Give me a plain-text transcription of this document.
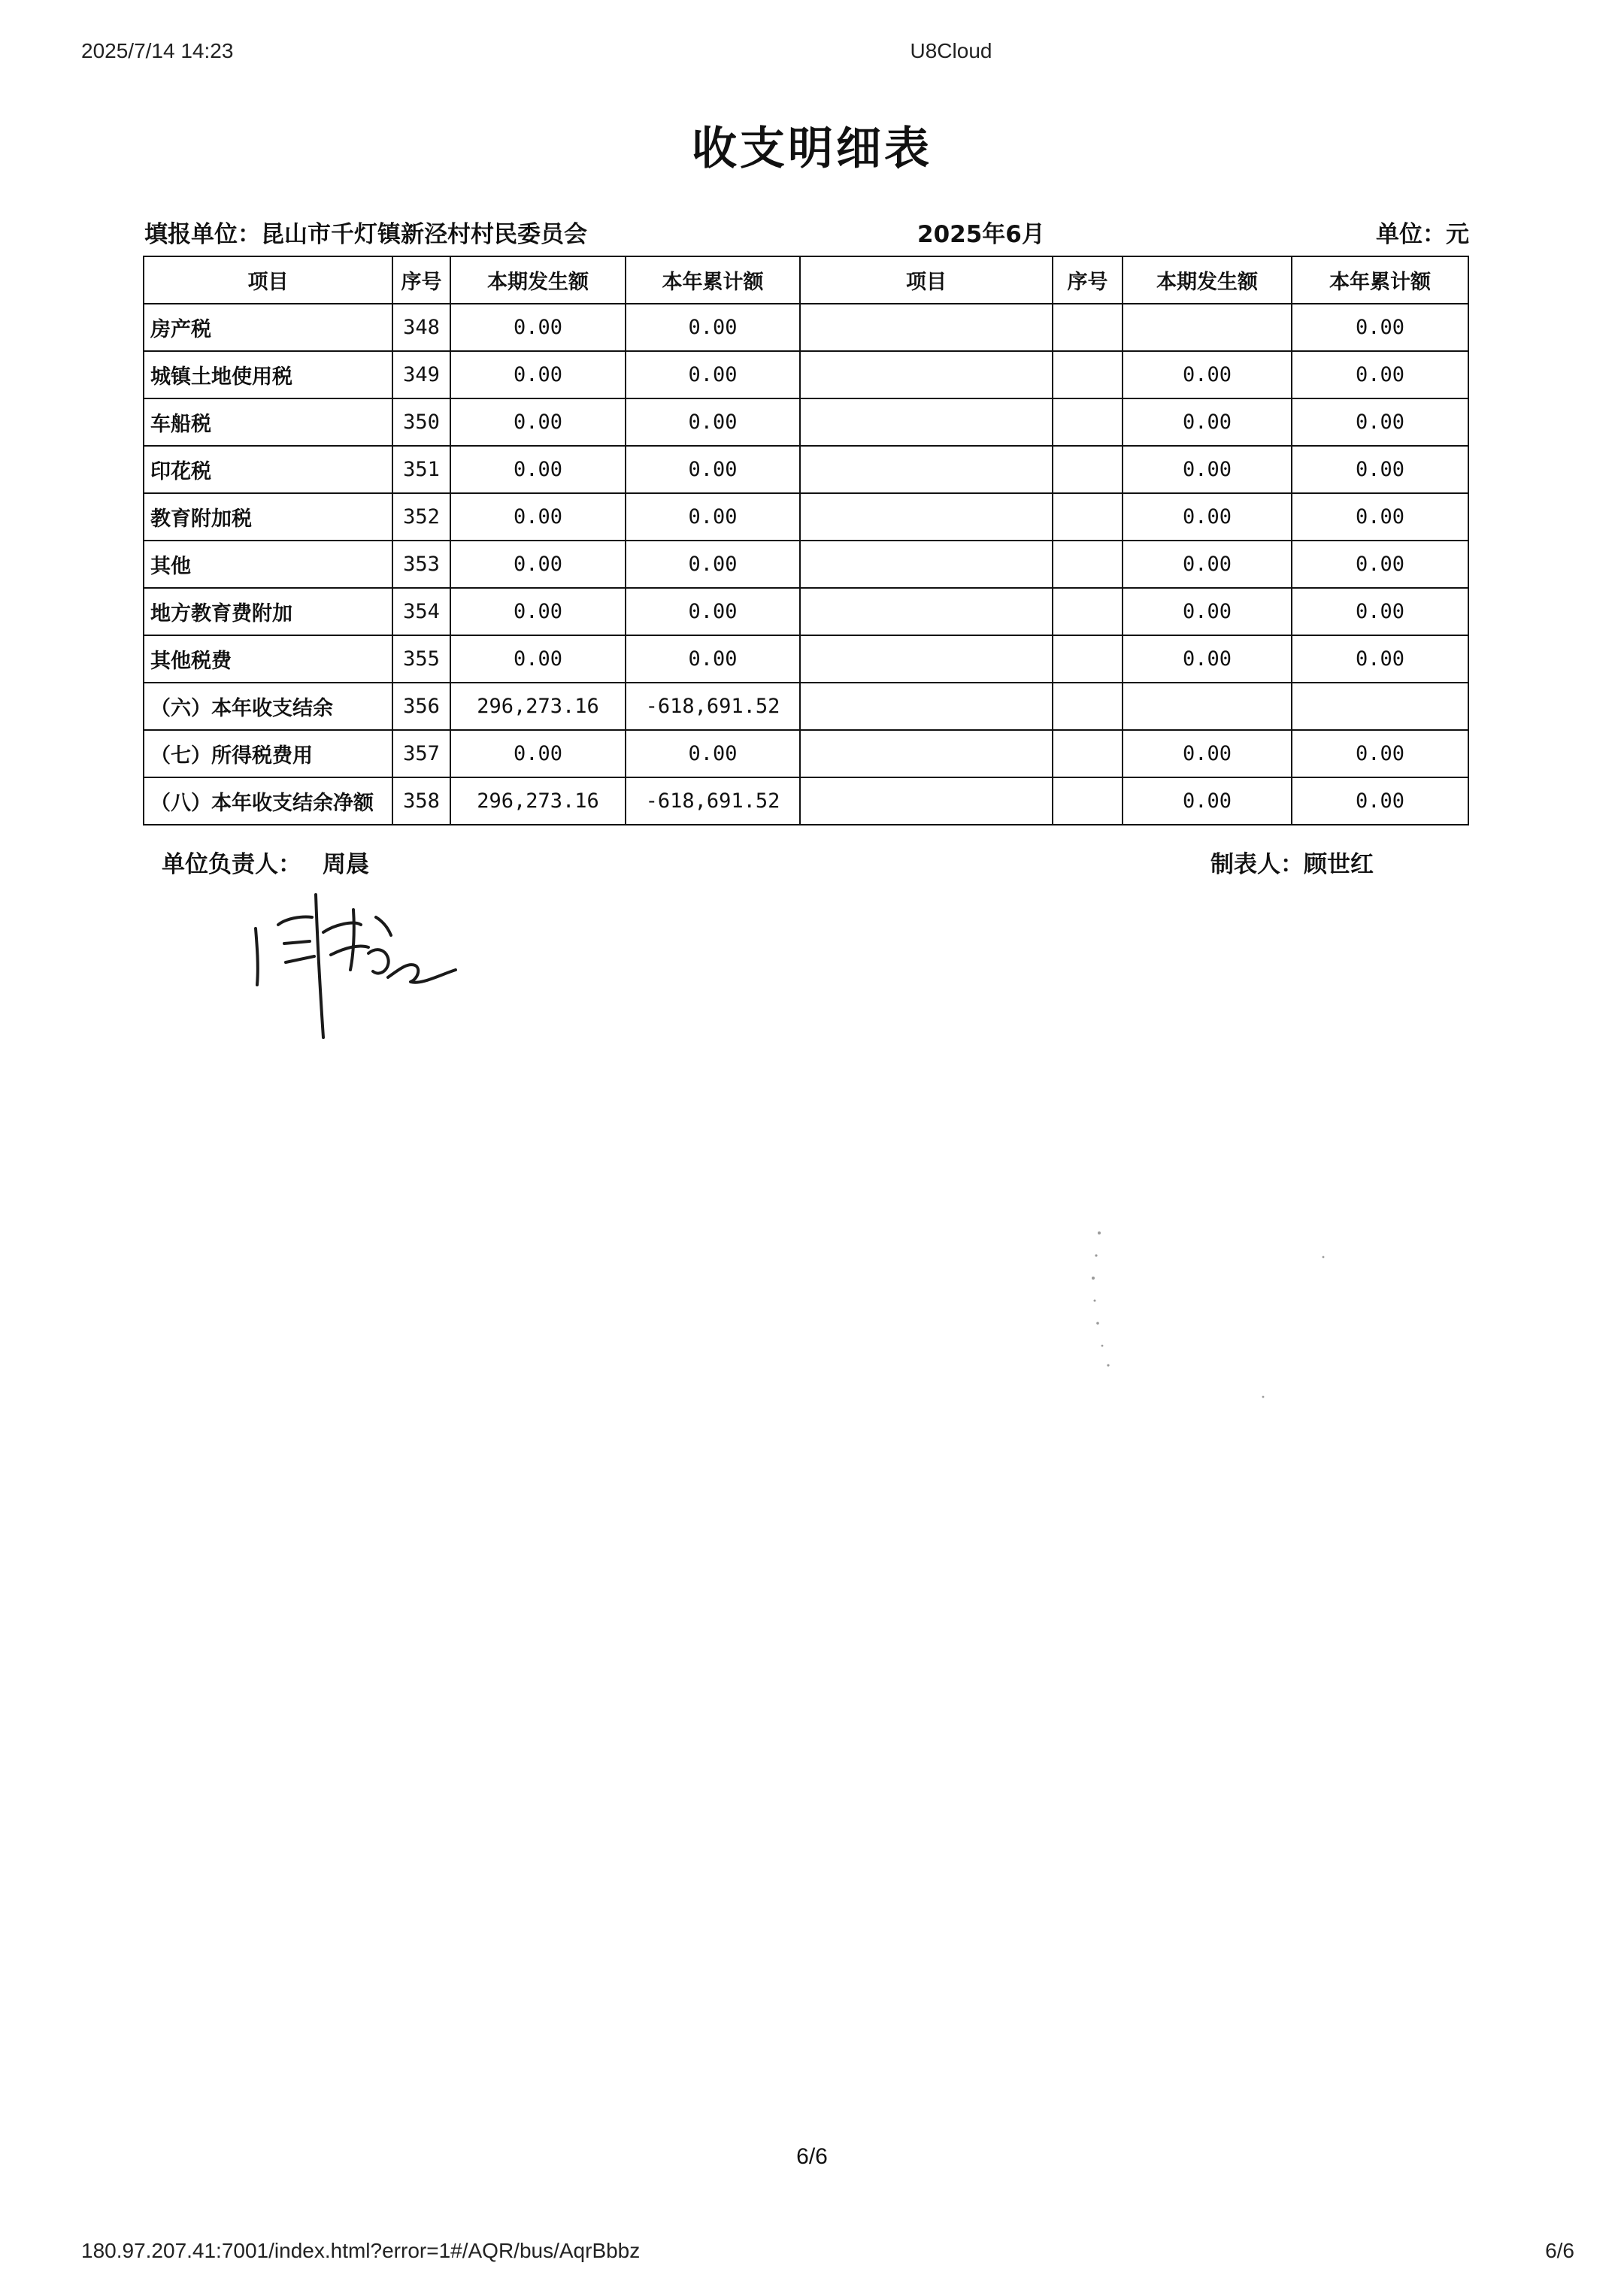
2025/7/14 14:23	U8Cloud
收支明细表
填报单位：昆山市千灯镇新泾村村民委员会	2025年6月	单位：元
项目	序号	本期发生额	本年累计额	项目	序号	本期发生额	本年累计额
房产税	348	0.00	0.00				0.00
城镇土地使用税	349	0.00	0.00			0.00	0.00
车船税	350	0.00	0.00			0.00	0.00
印花税	351	0.00	0.00			0.00	0.00
教育附加税	352	0.00	0.00			0.00	0.00
其他	353	0.00	0.00			0.00	0.00
地方教育费附加	354	0.00	0.00			0.00	0.00
其他税费	355	0.00	0.00			0.00	0.00
（六）本年收支结余	356	296,273.16	-618,691.52				
（七）所得税费用	357	0.00	0.00			0.00	0.00
（八）本年收支结余净额	358	296,273.16	-618,691.52			0.00	0.00
单位负责人： 周晨	制表人：顾世红
6/6
180.97.207.41:7001/index.html?error=1#/AQR/bus/AqrBbbz	6/6
